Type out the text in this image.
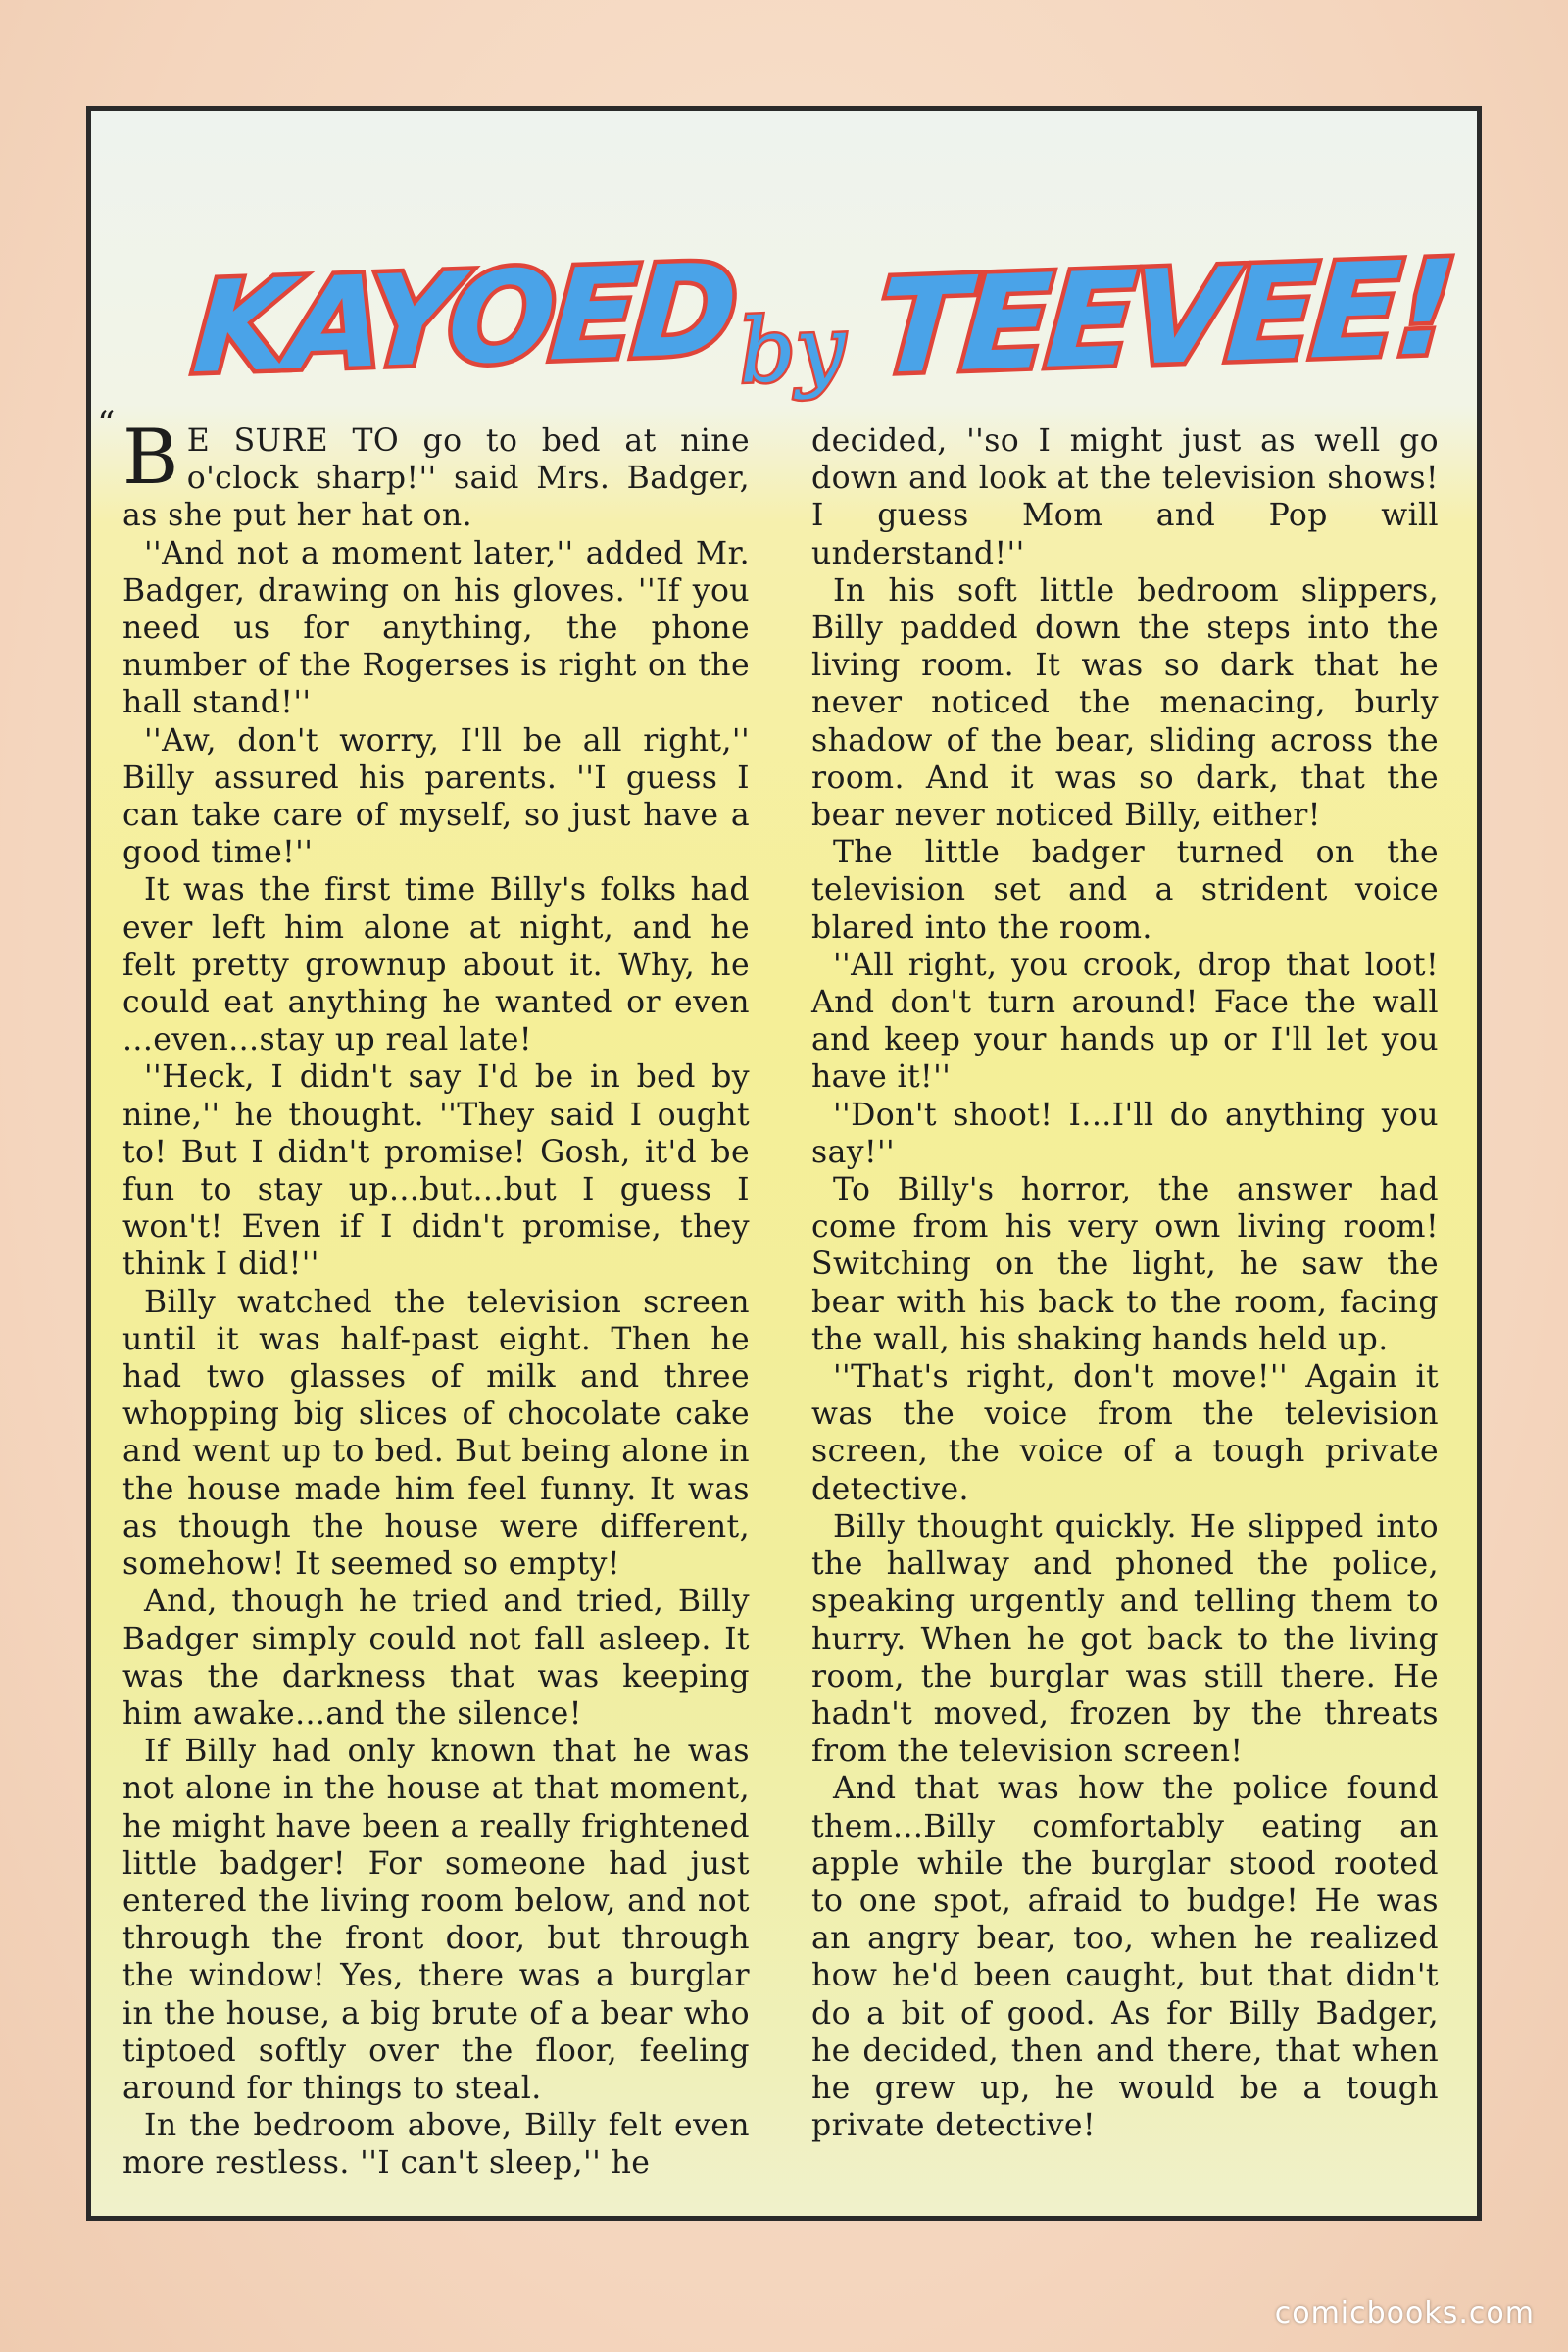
KAYOED by TEEVEE!
“ B E SURE TO go to bed at nine o'clock sharp!'' said Mrs. Badger, as she put her hat on.

''And not a moment later,'' added Mr. Badger, drawing on his gloves. ''If you need us for anything, the phone number of the Rogerses is right on the hall stand!''

''Aw, don't worry, I'll be all right,'' Billy assured his parents. ''I guess I can take care of myself, so just have a good time!''

It was the first time Billy's folks had ever left him alone at night, and he felt pretty grownup about it. Why, he could eat anything he wanted or even ...even...stay up real late!

''Heck, I didn't say I'd be in bed by nine,'' he thought. ''They said I ought to! But I didn't promise! Gosh, it'd be fun to stay up...but...but I guess I won't! Even if I didn't promise, they think I did!''

Billy watched the television screen until it was half-past eight. Then he had two glasses of milk and three whopping big slices of chocolate cake and went up to bed. But being alone in the house made him feel funny. It was as though the house were different, somehow! It seemed so empty!

And, though he tried and tried, Billy Badger simply could not fall asleep. It was the darkness that was keeping him awake...and the silence!

If Billy had only known that he was not alone in the house at that moment, he might have been a really frightened little badger! For someone had just entered the living room below, and not through the front door, but through the window! Yes, there was a burglar in the house, a big brute of a bear who tiptoed softly over the floor, feeling around for things to steal.

In the bedroom above, Billy felt even more restless. ''I can't sleep,'' he

decided, ''so I might just as well go down and look at the television shows! I guess Mom and Pop will understand!''

In his soft little bedroom slippers, Billy padded down the steps into the living room. It was so dark that he never noticed the menacing, burly shadow of the bear, sliding across the room. And it was so dark, that the bear never noticed Billy, either!

The little badger turned on the television set and a strident voice blared into the room.

''All right, you crook, drop that loot! And don't turn around! Face the wall and keep your hands up or I'll let you have it!''

''Don't shoot! I...I'll do anything you say!''

To Billy's horror, the answer had come from his very own living room! Switching on the light, he saw the bear with his back to the room, facing the wall, his shaking hands held up.

''That's right, don't move!'' Again it was the voice from the television screen, the voice of a tough private detective.

Billy thought quickly. He slipped into the hallway and phoned the police, speaking urgently and telling them to hurry. When he got back to the living room, the burglar was still there. He hadn't moved, frozen by the threats from the television screen!

And that was how the police found them...Billy comfortably eating an apple while the burglar stood rooted to one spot, afraid to budge! He was an angry bear, too, when he realized how he'd been caught, but that didn't do a bit of good. As for Billy Badger, he decided, then and there, that when he grew up, he would be a tough private detective!

comicbooks.com
